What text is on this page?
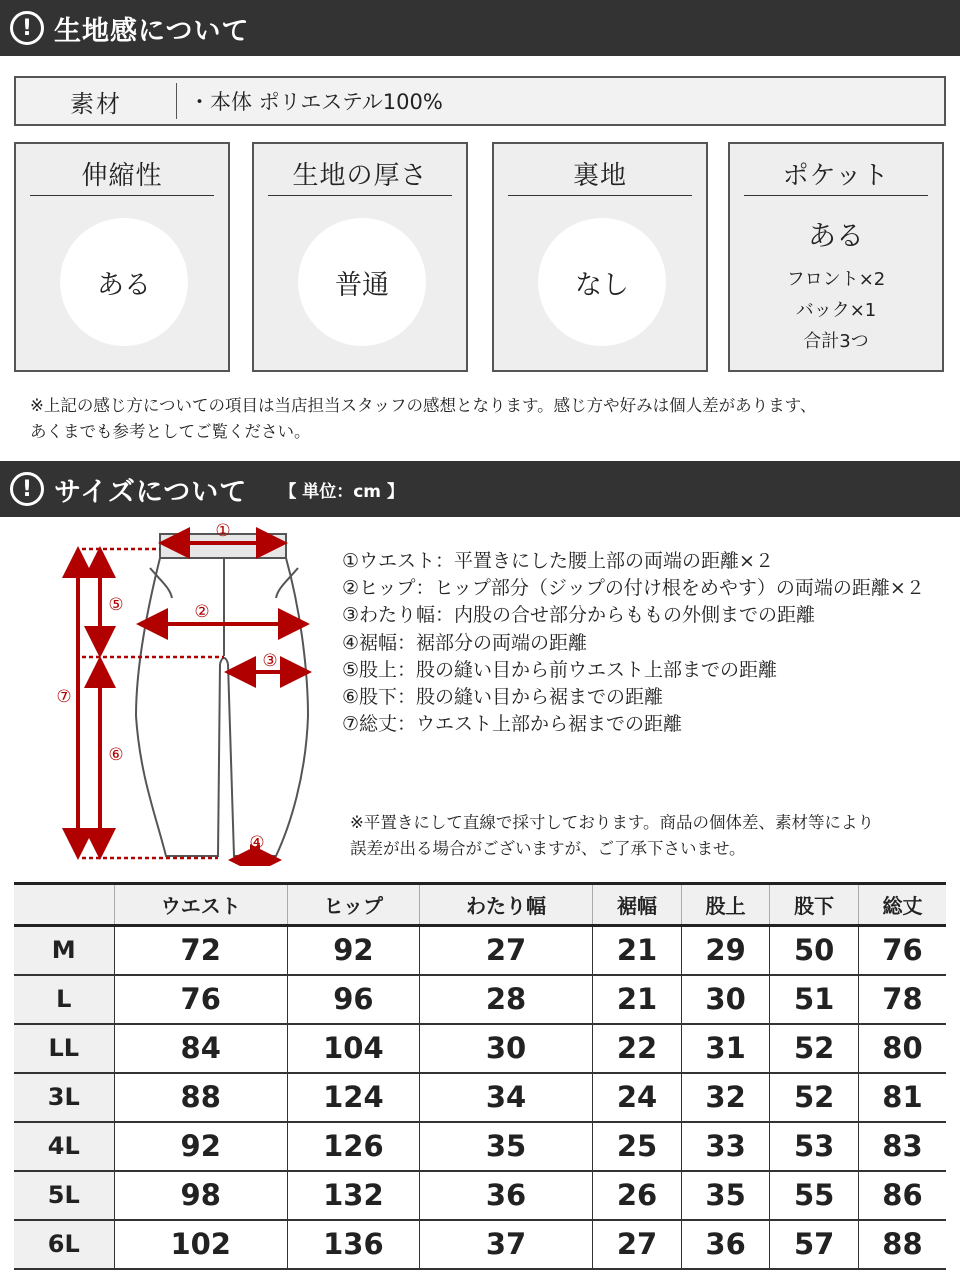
! 生地感について
素材	・本体 ポリエステル100%
伸縮性
ある
生地の厚さ
普通
裏地
なし
ポケット
ある
フロント×2
バック×1
合計3つ
※上記の感じ方についての項目は当店担当スタッフの感想となります。感じ方や好みは個人差があります、
あくまでも参考としてご覧ください。
! サイズについて 【 単位：cm 】
①
②
③
④
⑤
⑥
⑦
①ウエスト：平置きにした腰上部の両端の距離×２
②ヒップ：ヒップ部分（ジップの付け根をめやす）の両端の距離×２
③わたり幅：内股の合せ部分からももの外側までの距離
④裾幅：裾部分の両端の距離
⑤股上：股の縫い目から前ウエスト上部までの距離
⑥股下：股の縫い目から裾までの距離
⑦総丈：ウエスト上部から裾までの距離
※平置きにして直線で採寸しております。商品の個体差、素材等により
誤差が出る場合がございますが、ご了承下さいませ。
	ウエスト	ヒップ	わたり幅	裾幅	股上	股下	総丈
M	72	92	27	21	29	50	76
L	76	96	28	21	30	51	78
LL	84	104	30	22	31	52	80
3L	88	124	34	24	32	52	81
4L	92	126	35	25	33	53	83
5L	98	132	36	26	35	55	86
6L	102	136	37	27	36	57	88
